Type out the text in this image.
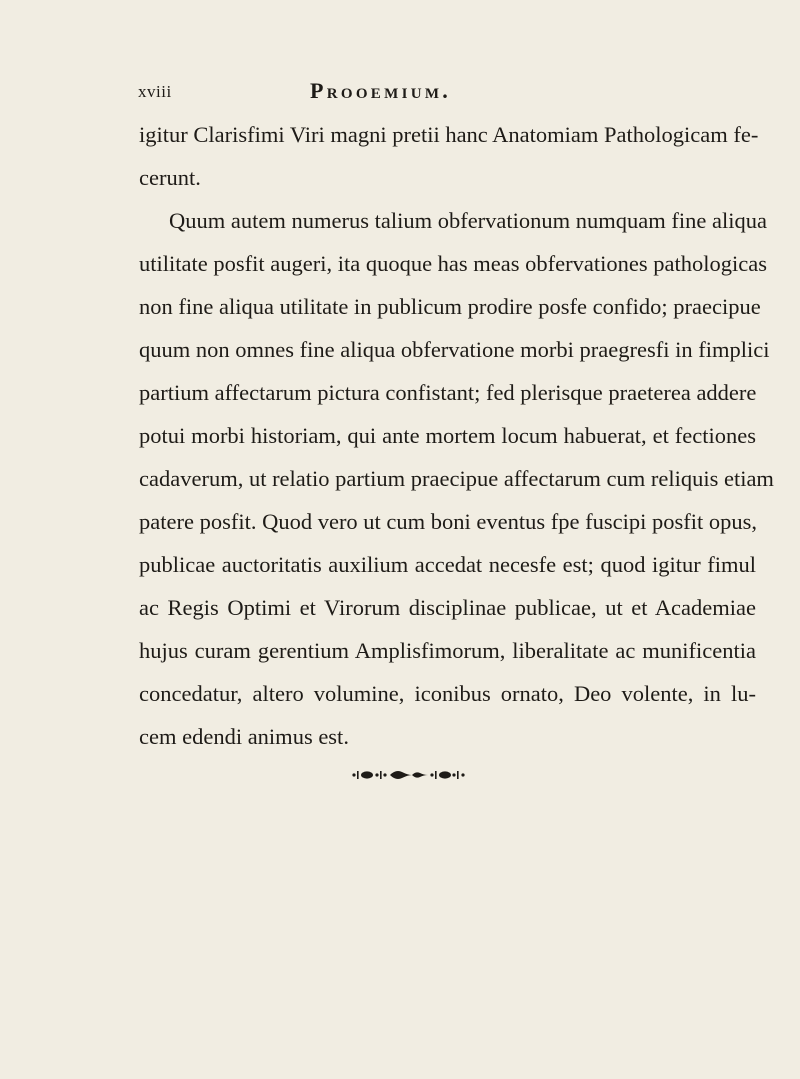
xviii	Prooemium.
igitur Clarisfimi Viri magni pretii hanc Anatomiam Pathologicam fe-
cerunt.
Quum autem numerus talium obfervationum numquam fine aliqua
utilitate posfit augeri, ita quoque has meas obfervationes pathologicas
non fine aliqua utilitate in publicum prodire posfe confido; praecipue
quum non omnes fine aliqua obfervatione morbi praegresfi in fimplici
partium affectarum pictura confistant; fed plerisque praeterea addere
potui morbi historiam, qui ante mortem locum habuerat, et fectiones
cadaverum, ut relatio partium praecipue affectarum cum reliquis etiam
patere posfit. Quod vero ut cum boni eventus fpe fuscipi posfit opus,
publicae auctoritatis auxilium accedat necesfe est; quod igitur fimul
ac Regis Optimi et Virorum disciplinae publicae, ut et Academiae
hujus curam gerentium Amplisfimorum, liberalitate ac munificentia
concedatur, altero volumine, iconibus ornato, Deo volente, in lu-
cem edendi animus est.
